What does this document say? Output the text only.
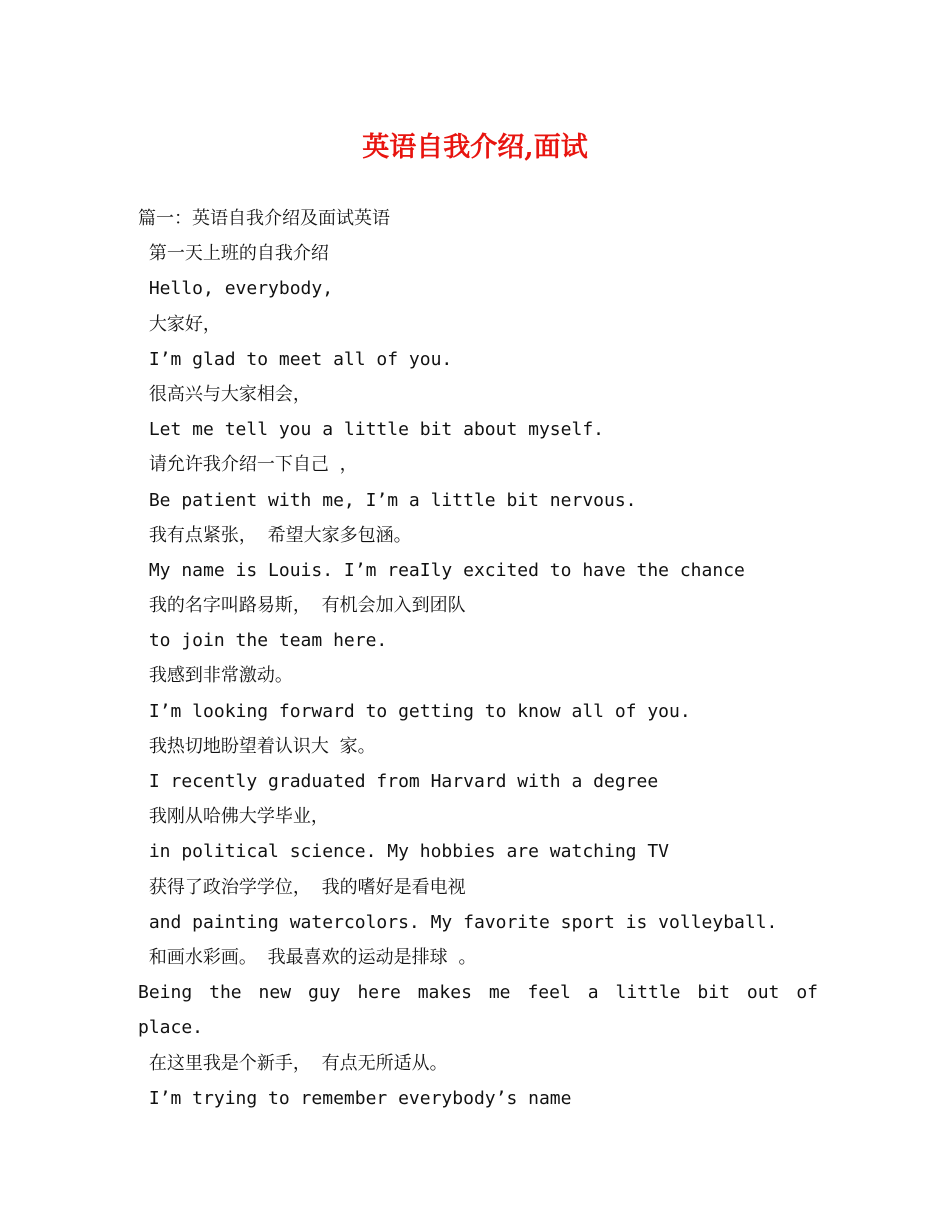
英语自我介绍,面试
篇一：英语自我介绍及面试英语
第一天上班的自我介绍
Hello, everybody,
大家好，
I’m glad to meet all of you.
很高兴与大家相会，
Let me tell you a little bit about myself.
请允许我介绍一下自己 ，
Be patient with me, I’m a little bit nervous.
我有点紧张， 希望大家多包涵。
My name is Louis. I’m reaIly excited to have the chance
我的名字叫路易斯， 有机会加入到团队
to join the team here.
我感到非常激动。
I’m looking forward to getting to know all of you.
我热切地盼望着认识大 家。
I recently graduated from Harvard with a degree
我刚从哈佛大学毕业，
in political science. My hobbies are watching TV
获得了政治学学位， 我的嗜好是看电视
and painting watercolors. My favorite sport is volleyball.
和画水彩画。 我最喜欢的运动是排球 。
Being the new guy here makes me feel a little bit out of
place.
在这里我是个新手， 有点无所适从。
I’m trying to remember everybody’s name
